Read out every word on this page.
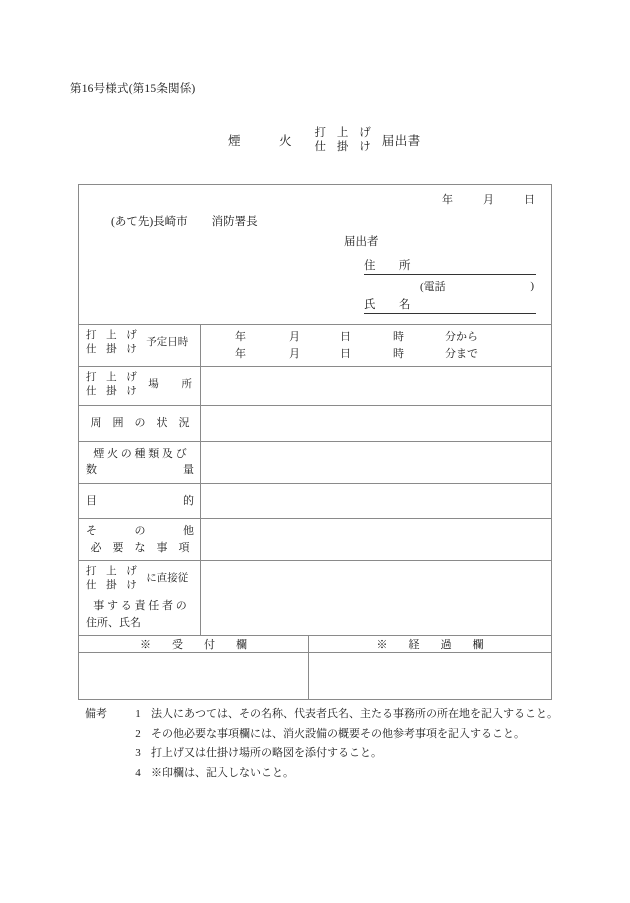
第16号様式(第15条関係)
煙　火
打 上 げ
仕 掛 け 届出書
年	月	日
(あて先)長崎市 消防署長
届出者
住　所
(電話	)
氏　名

打 上 げ
仕 掛 け
予定日時	年	月	日	時	分から
年	月	日	時	分まで

打 上 げ
仕 掛 け
場 所		

周　囲　の　状　況		

煙 火 の 種 類 及 び
数 量		

目 的		

そ の 他
必　要　な　事　項		

打 上 げ
仕 掛 け
に直接従
事 す る 責 任 者 の
住所、氏名		

※　受　付　欄		※　経　過　欄

備考	1 法人にあつては、その名称、代表者氏名、主たる事務所の所在地を記入すること。
2 その他必要な事項欄には、消火設備の概要その他参考事項を記入すること。
3 打上げ又は仕掛け場所の略図を添付すること。
4 ※印欄は、記入しないこと。
